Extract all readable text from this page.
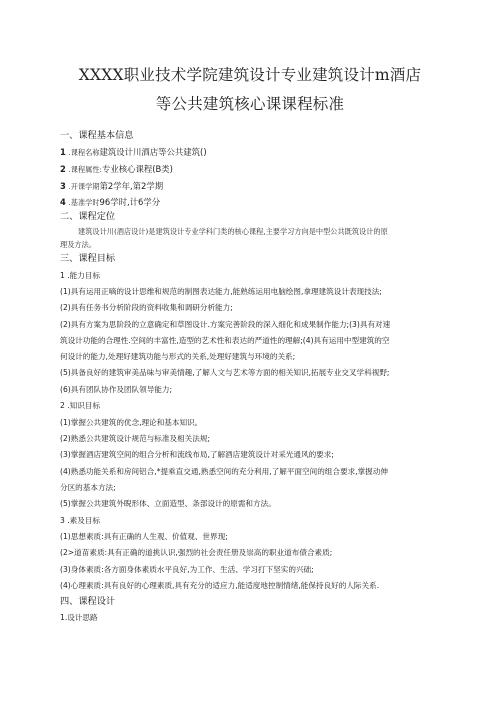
XXXX职业技术学院建筑设计专业建筑设计m酒店
等公共建筑核心课课程标准
一、课程基本信息
1 .课程名称建筑设计川酒店等公共建筑()
2 .课程属性:专业核心课程(B类)
3 .开课学期第2学年,第2学期
4 .基准学时96学时,计6学分
二、课程定位
建筑设计川(酒店设计)是建筑设计专业学科门类的核心课程,主要学习方向是中型公共既筑设计的原
理及方法。
三、课程目标
1 .能力目标
(1)具有运用正嘀的设计思维和规范的制图表达能力,能熟练运用电脑绘图,拿理建筑设计表现技法;
(2)具有任务书分析阶段的资料收集和调研分析能力;
(2)具有方案为思阶段的立意确定和草图设计.方案完善阶段的深入细化和成果制作能力;(3)具有对速
筑设计功能的合理性.空间的丰富性,造型的艺术性和表达的严道性的理解;(4)具有运用中型建筑的空
何设计的能力,处理好建筑功能与形式的关系,处理好建筑与环境的关系;
(5)具备良好的建筑审美品味与审美情趣,了解人文与艺术等方面的相关知识,拓展专业交叉学科视野;
(6)具有团队协作及团队领导能力;
2 .知识目标
(1)掌握公共建筑的优念,理论和基本知识。
(2)熟悉公共建筑设计规范与标准及相关法规;
(3)掌握酒店建筑空间的组合分析和流线布局,了解酒店建筑设计对采光通风的要求;
(4)熟悉功能关系和房间铝合,*提乘直交通,熟悉空间的充分利用,了解平面空间的组合要求,掌握动伸
分区的基本方法;
(5)掌握公共建筑外睨形体、立面造型、条部设计的原需和方法。
3 .素及目标
(1)思想素质:具有正确的人生观、价值观、世界现;
(2>道苗素质:具有正确的道挑认识,强烈的社会责任册及崇高的职业道布债合素质;
(3)身体素质:各方面身体素质水平良好,为工作、生活、学习打下坚实的兴础;
(4)心理素质:具有良好的心理素质,具有充分的适应力,能适度地控制情绪,能保持良好的人际关系.
四、课程设计
1.设计思路
